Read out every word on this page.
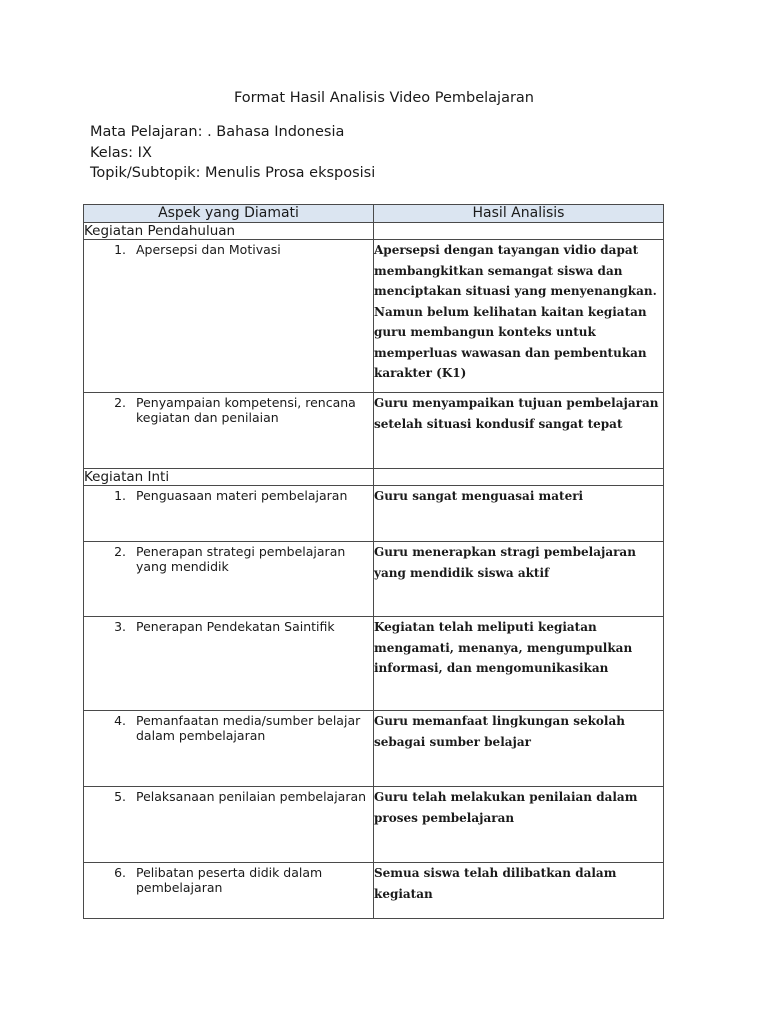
Format Hasil Analisis Video Pembelajaran
Mata Pelajaran: . Bahasa Indonesia
Kelas: IX
Topik/Subtopik: Menulis Prosa eksposisi
Aspek yang Diamati	Hasil Analisis
Kegiatan Pendahuluan	

1. Apersepsi dan Motivasi	Apersepsi dengan tayangan vidio dapat membangkitkan semangat siswa dan menciptakan situasi yang menyenangkan. Namun belum kelihatan kaitan kegiatan guru membangun konteks untuk memperluas wawasan dan pembentukan karakter (K1)

2. Penyampaian kompetensi, rencana kegiatan dan penilaian	Guru menyampaikan tujuan pembelajaran setelah situasi kondusif sangat tepat
Kegiatan Inti	

1. Penguasaan materi pembelajaran	Guru sangat menguasai materi

2. Penerapan strategi pembelajaran yang mendidik	Guru menerapkan stragi pembelajaran yang mendidik siswa aktif

3. Penerapan Pendekatan Saintifik	Kegiatan telah meliputi kegiatan mengamati, menanya, mengumpulkan informasi, dan mengomunikasikan

4. Pemanfaatan media/sumber belajar dalam pembelajaran	Guru memanfaat lingkungan sekolah sebagai sumber belajar

5. Pelaksanaan penilaian pembelajaran	Guru telah melakukan penilaian dalam proses pembelajaran

6. Pelibatan peserta didik dalam pembelajaran	Semua siswa telah dilibatkan dalam kegiatan
